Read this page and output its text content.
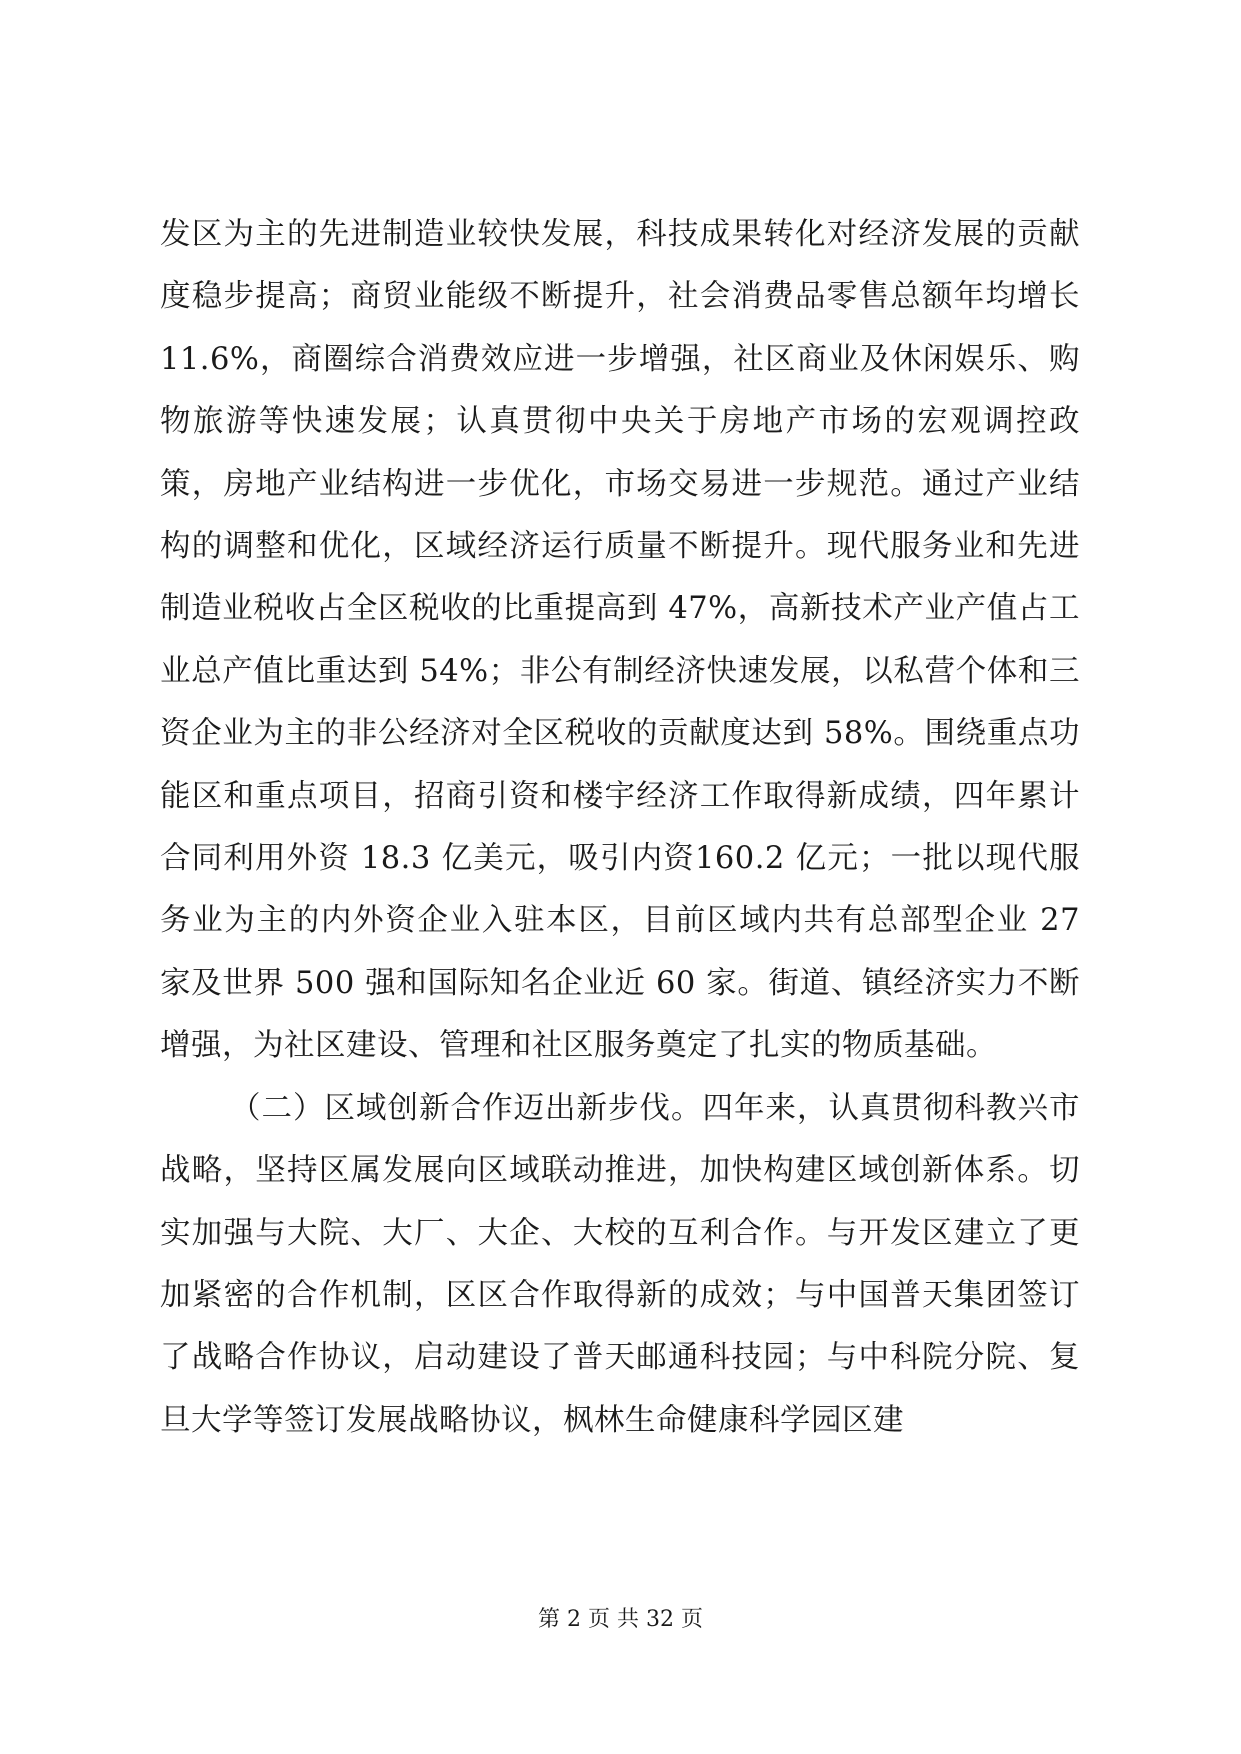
发区为主的先进制造业较快发展，科技成果转化对经济发展的贡献度稳步提高；商贸业能级不断提升，社会消费品零售总额年均增长 11.6%，商圈综合消费效应进一步增强，社区商业及休闲娱乐、购物旅游等快速发展；认真贯彻中央关于房地产市场的宏观调控政策，房地产业结构进一步优化，市场交易进一步规范。通过产业结构的调整和优化，区域经济运行质量不断提升。现代服务业和先进制造业税收占全区税收的比重提高到 47%，高新技术产业产值占工业总产值比重达到 54%；非公有制经济快速发展，以私营个体和三资企业为主的非公经济对全区税收的贡献度达到 58%。围绕重点功能区和重点项目，招商引资和楼宇经济工作取得新成绩，四年累计合同利用外资 18.3 亿美元，吸引内资160.2 亿元；一批以现代服务业为主的内外资企业入驻本区，目前区域内共有总部型企业 27 家及世界 500 强和国际知名企业近 60 家。街道、镇经济实力不断增强，为社区建设、管理和社区服务奠定了扎实的物质基础。

（二）区域创新合作迈出新步伐。四年来，认真贯彻科教兴市战略，坚持区属发展向区域联动推进，加快构建区域创新体系。切实加强与大院、大厂、大企、大校的互利合作。与开发区建立了更加紧密的合作机制，区区合作取得新的成效；与中国普天集团签订了战略合作协议，启动建设了普天邮通科技园；与中科院分院、复旦大学等签订发展战略协议，枫林生命健康科学园区建

第 2 页 共 32 页
